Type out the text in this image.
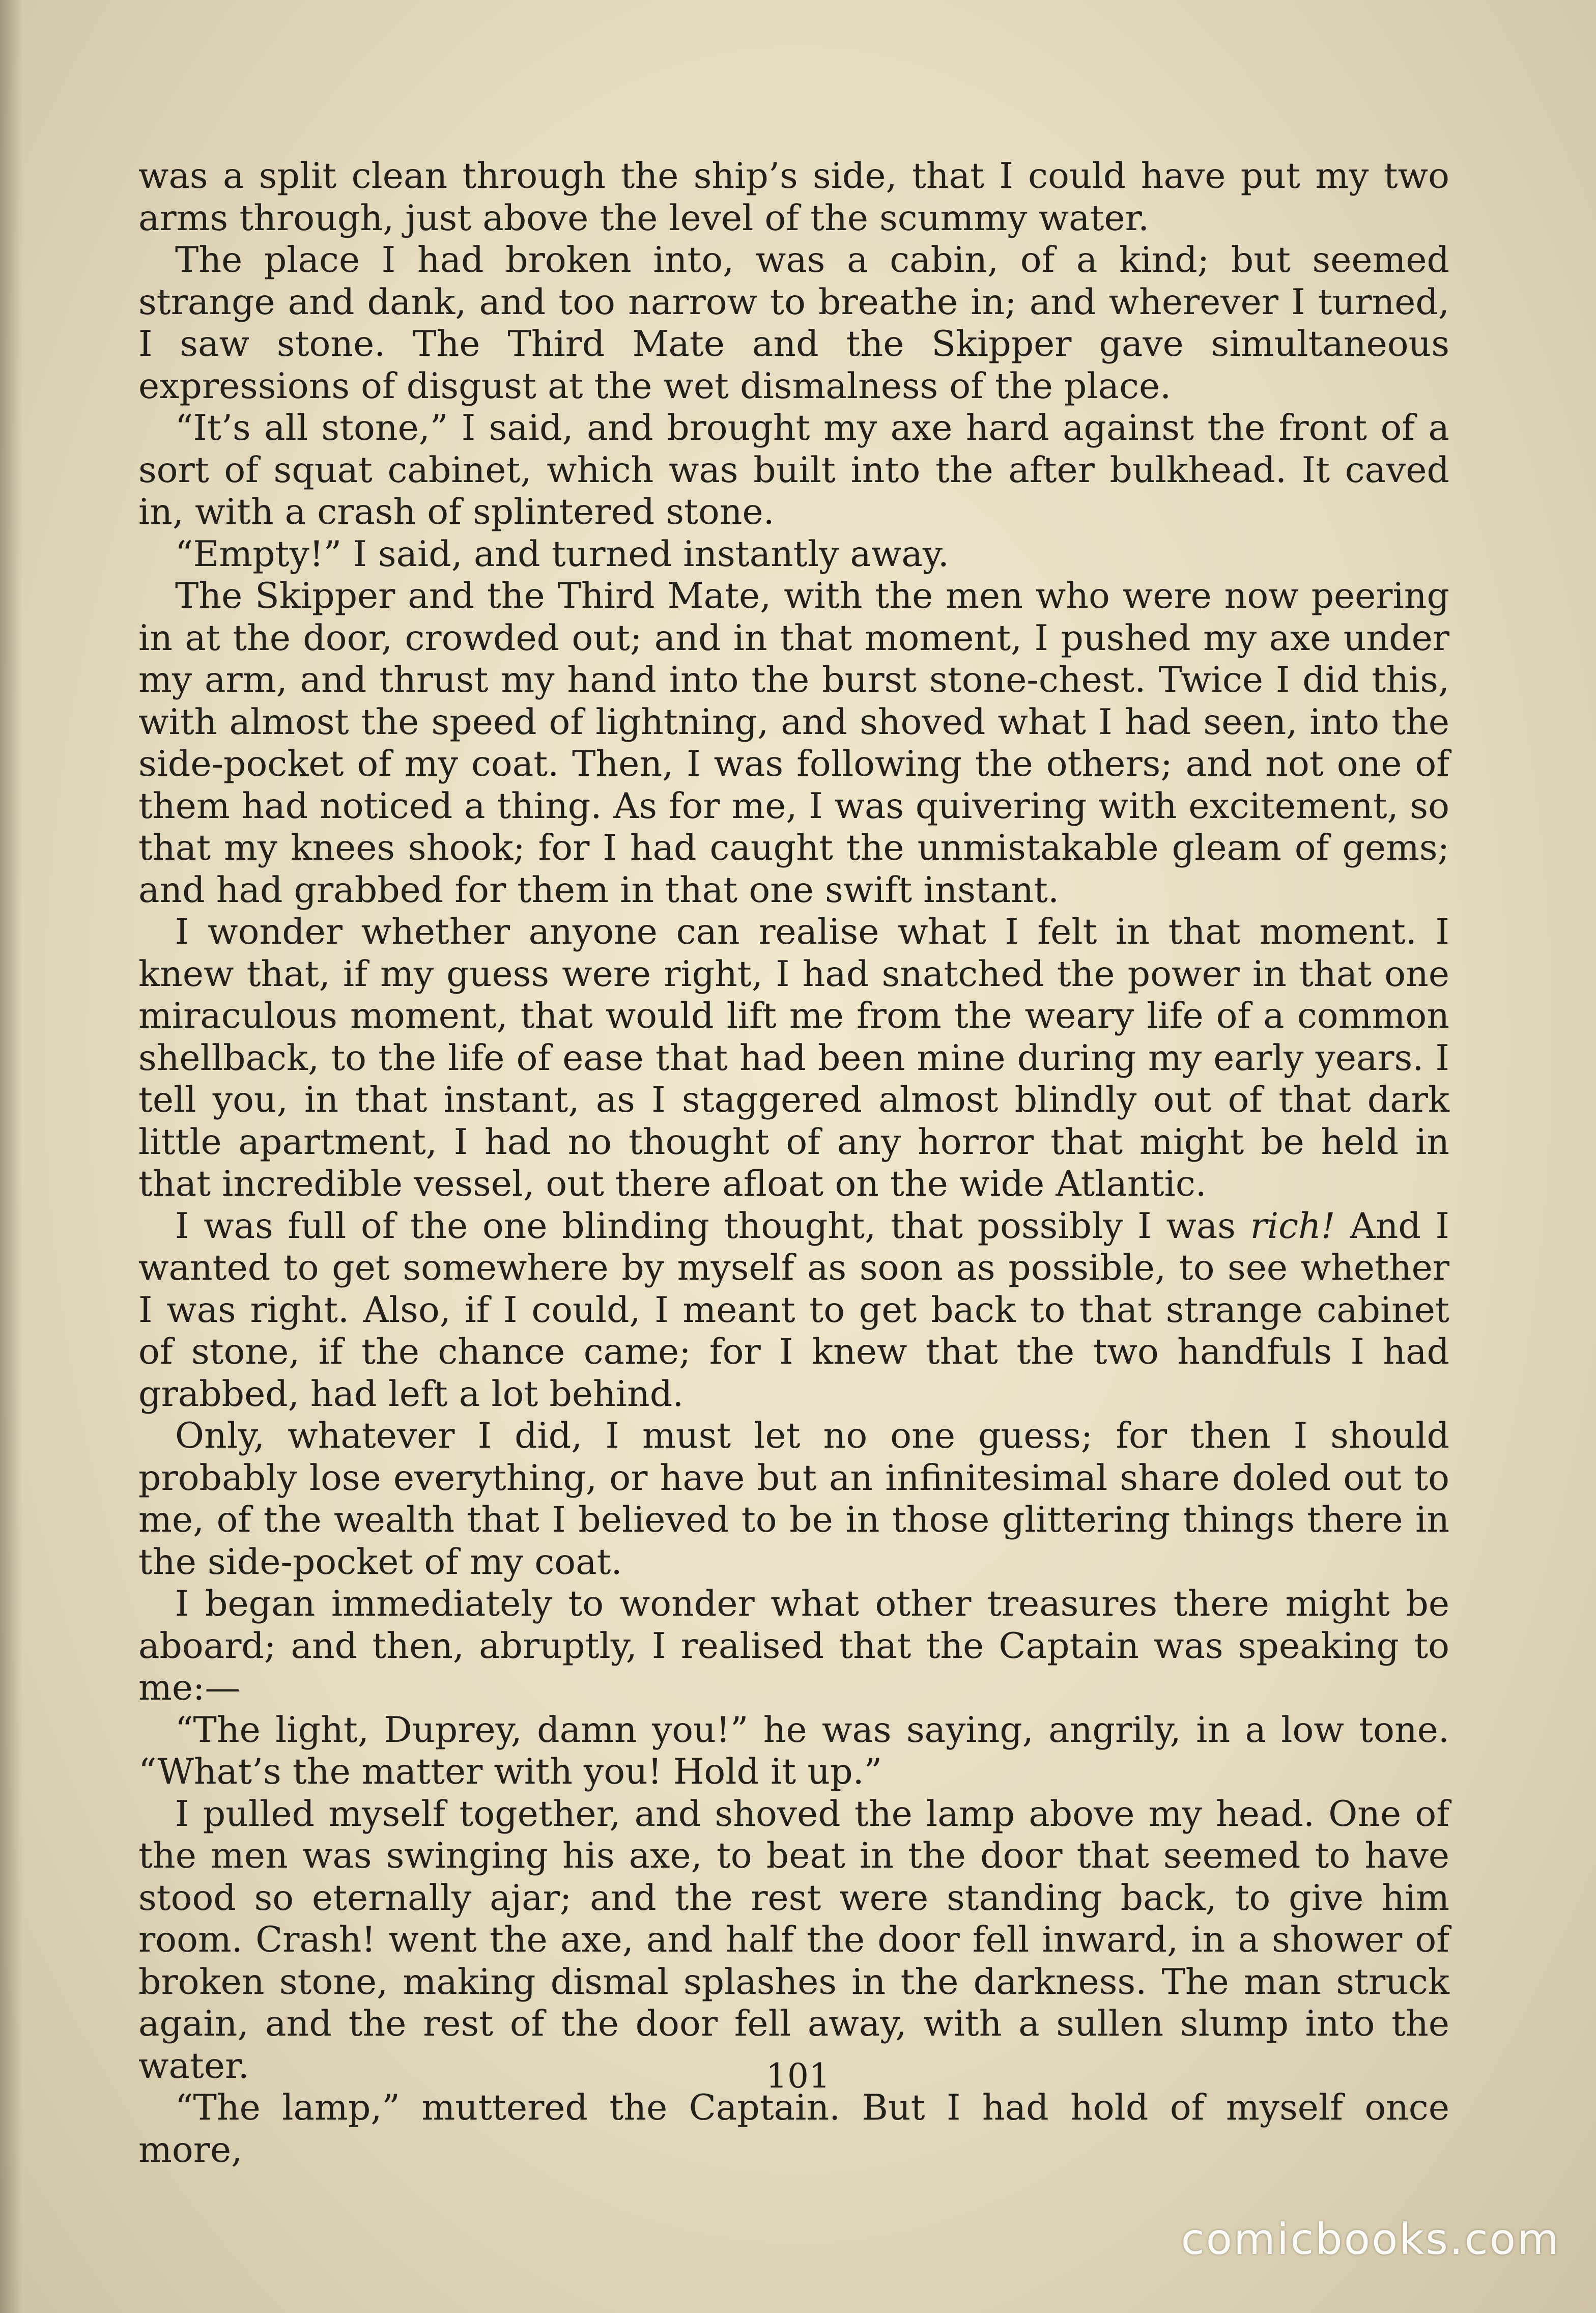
was a split clean through the ship’s side, that I could have put my two arms through, just above the level of the scummy water.

The place I had broken into, was a cabin, of a kind; but seemed strange and dank, and too narrow to breathe in; and wherever I turned, I saw stone. The Third Mate and the Skipper gave simultaneous expressions of disgust at the wet dismalness of the place.

“It’s all stone,” I said, and brought my axe hard against the front of a sort of squat cabinet, which was built into the after bulkhead. It caved in, with a crash of splintered stone.

“Empty!” I said, and turned instantly away.

The Skipper and the Third Mate, with the men who were now peering in at the door, crowded out; and in that moment, I pushed my axe under my arm, and thrust my hand into the burst stone-chest. Twice I did this, with almost the speed of lightning, and shoved what I had seen, into the side-pocket of my coat. Then, I was following the others; and not one of them had noticed a thing. As for me, I was quivering with excitement, so that my knees shook; for I had caught the unmistakable gleam of gems; and had grabbed for them in that one swift instant.

I wonder whether anyone can realise what I felt in that moment. I knew that, if my guess were right, I had snatched the power in that one miraculous moment, that would lift me from the weary life of a common shellback, to the life of ease that had been mine during my early years. I tell you, in that instant, as I staggered almost blindly out of that dark little apartment, I had no thought of any horror that might be held in that incredible vessel, out there afloat on the wide Atlantic.

I was full of the one blinding thought, that possibly I was rich! And I wanted to get somewhere by myself as soon as possible, to see whether I was right. Also, if I could, I meant to get back to that strange cabinet of stone, if the chance came; for I knew that the two handfuls I had grabbed, had left a lot behind.

Only, whatever I did, I must let no one guess; for then I should probably lose everything, or have but an infinitesimal share doled out to me, of the wealth that I believed to be in those glittering things there in the side-pocket of my coat.

I began immediately to wonder what other treasures there might be aboard; and then, abruptly, I realised that the Captain was speaking to me:—

“The light, Duprey, damn you!” he was saying, angrily, in a low tone. “What’s the matter with you! Hold it up.”

I pulled myself together, and shoved the lamp above my head. One of the men was swinging his axe, to beat in the door that seemed to have stood so eternally ajar; and the rest were standing back, to give him room. Crash! went the axe, and half the door fell inward, in a shower of broken stone, making dismal splashes in the darkness. The man struck again, and the rest of the door fell away, with a sullen slump into the water.

“The lamp,” muttered the Captain. But I had hold of myself once more,

101
comicbooks.com
